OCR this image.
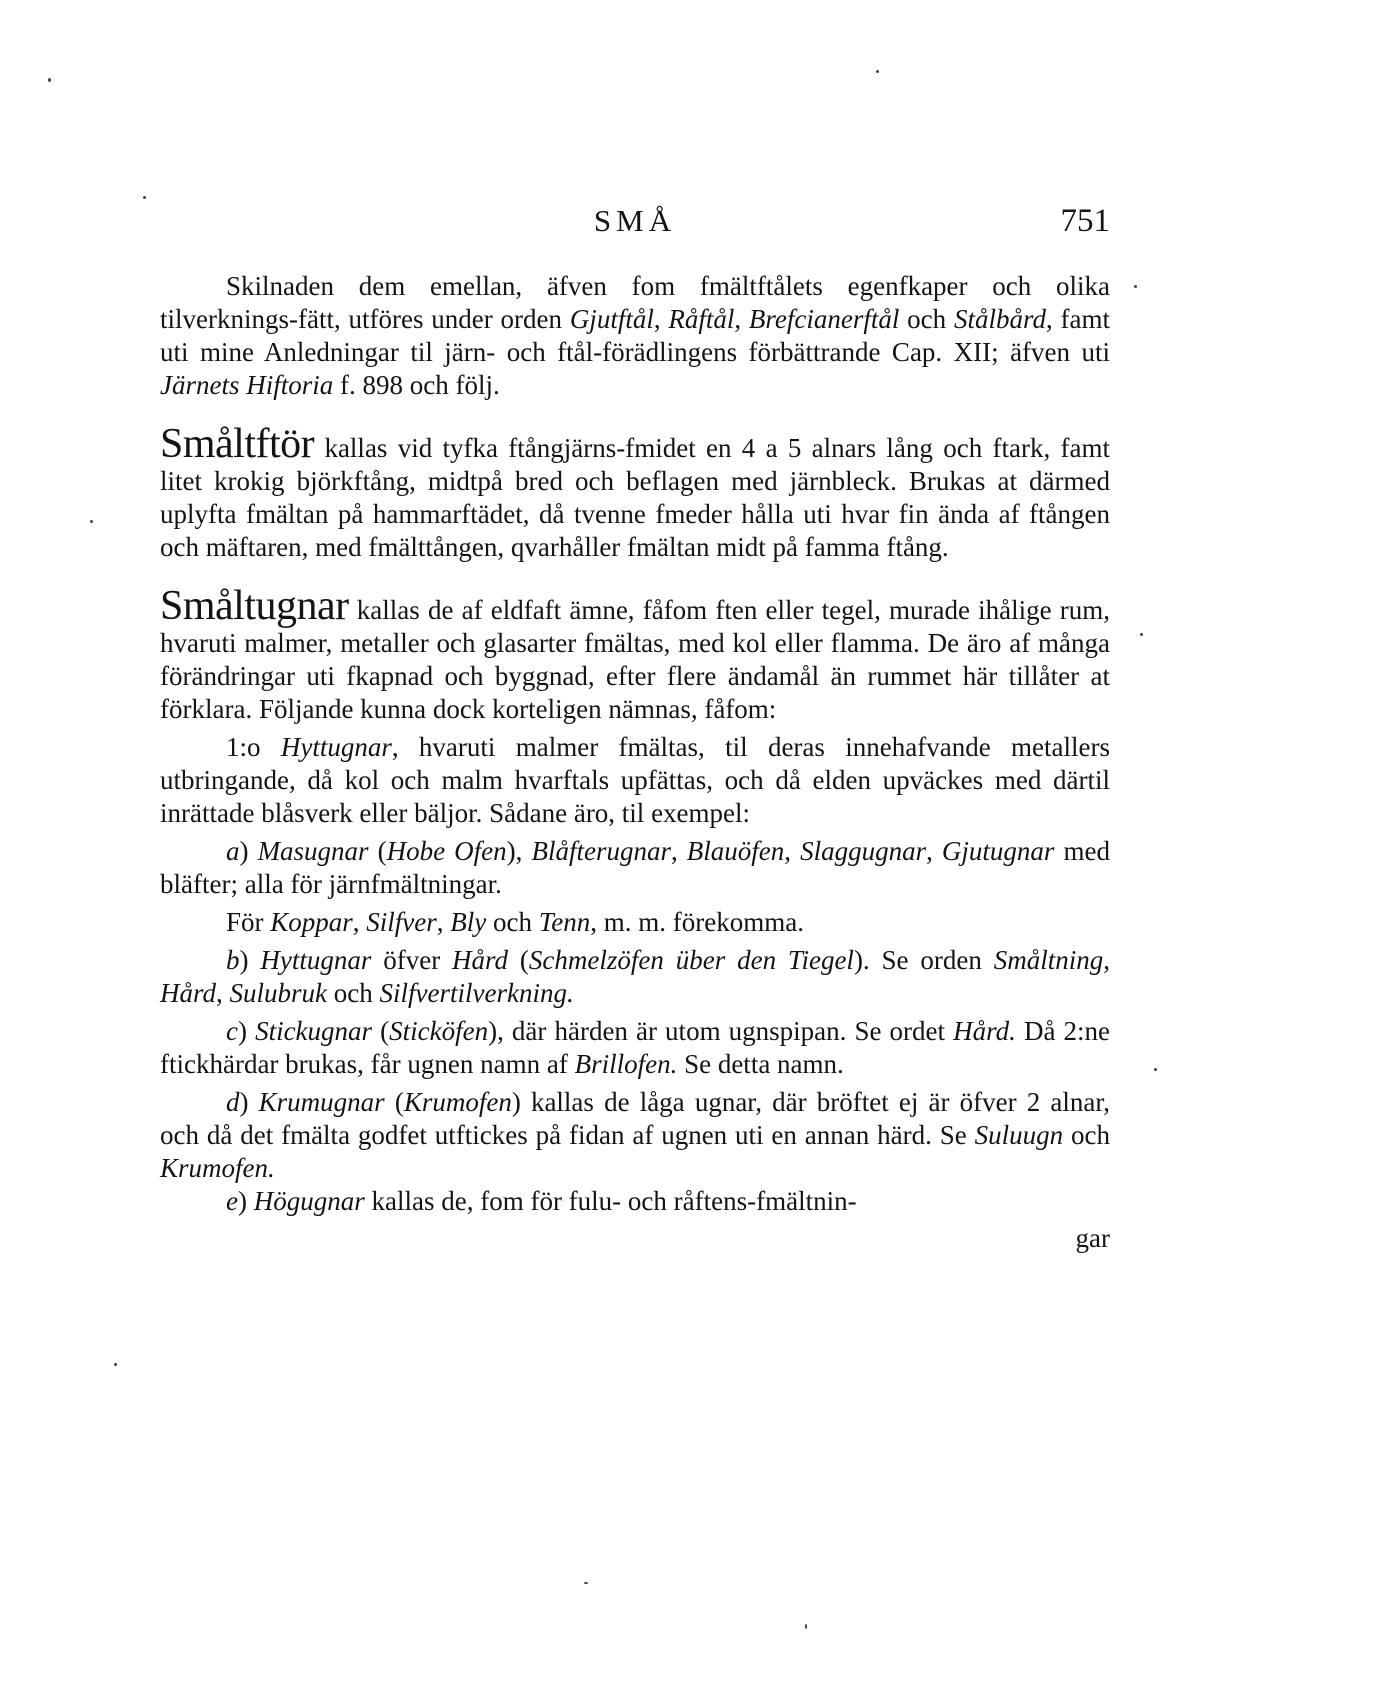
SMÅ	751

Skilnaden dem emellan, äfven fom fmältftålets egenfkaper och olika tilverknings-fätt, utföres under orden Gjutftål, Råftål, Brefcianerftål och Stålbård, famt uti mine Anledningar til järn- och ftål-förädlingens förbättrande Cap. XII; äfven uti Järnets Hiftoria f. 898 och följ.

Småltftör kallas vid tyfka ftångjärns-fmidet en 4 a 5 alnars lång och ftark, famt litet krokig björkftång, midtpå bred och beflagen med järnbleck. Brukas at därmed uplyfta fmältan på hammarftädet, då tvenne fmeder hålla uti hvar fin ända af ftången och mäftaren, med fmälttången, qvarhåller fmältan midt på famma ftång.

Småltugnar kallas de af eldfaft ämne, fåfom ften eller tegel, murade ihålige rum, hvaruti malmer, metaller och glasarter fmältas, med kol eller flamma. De äro af många förändringar uti fkapnad och byggnad, efter flere ändamål än rummet här tillåter at förklara. Följande kunna dock korteligen nämnas, fåfom:

1:o Hyttugnar, hvaruti malmer fmältas, til deras innehafvande metallers utbringande, då kol och malm hvarftals upfättas, och då elden upväckes med därtil inrättade blåsverk eller bäljor. Sådane äro, til exempel:

a) Masugnar (Hobe Ofen), Blåfterugnar, Blauöfen, Slaggugnar, Gjutugnar med bläfter; alla för järnfmältningar.

För Koppar, Silfver, Bly och Tenn, m. m. förekomma.

b) Hyttugnar öfver Hård (Schmelzöfen über den Tiegel). Se orden Småltning, Hård, Sulubruk och Silfvertilverkning.

c) Stickugnar (Sticköfen), där härden är utom ugnspipan. Se ordet Hård. Då 2:ne ftickhärdar brukas, får ugnen namn af Brillofen. Se detta namn.

d) Krumugnar (Krumofen) kallas de låga ugnar, där bröftet ej är öfver 2 alnar, och då det fmälta godfet utftickes på fidan af ugnen uti en annan härd. Se Suluugn och Krumofen.

e) Högugnar kallas de, fom för fulu- och råftens-fmältnin-

gar
